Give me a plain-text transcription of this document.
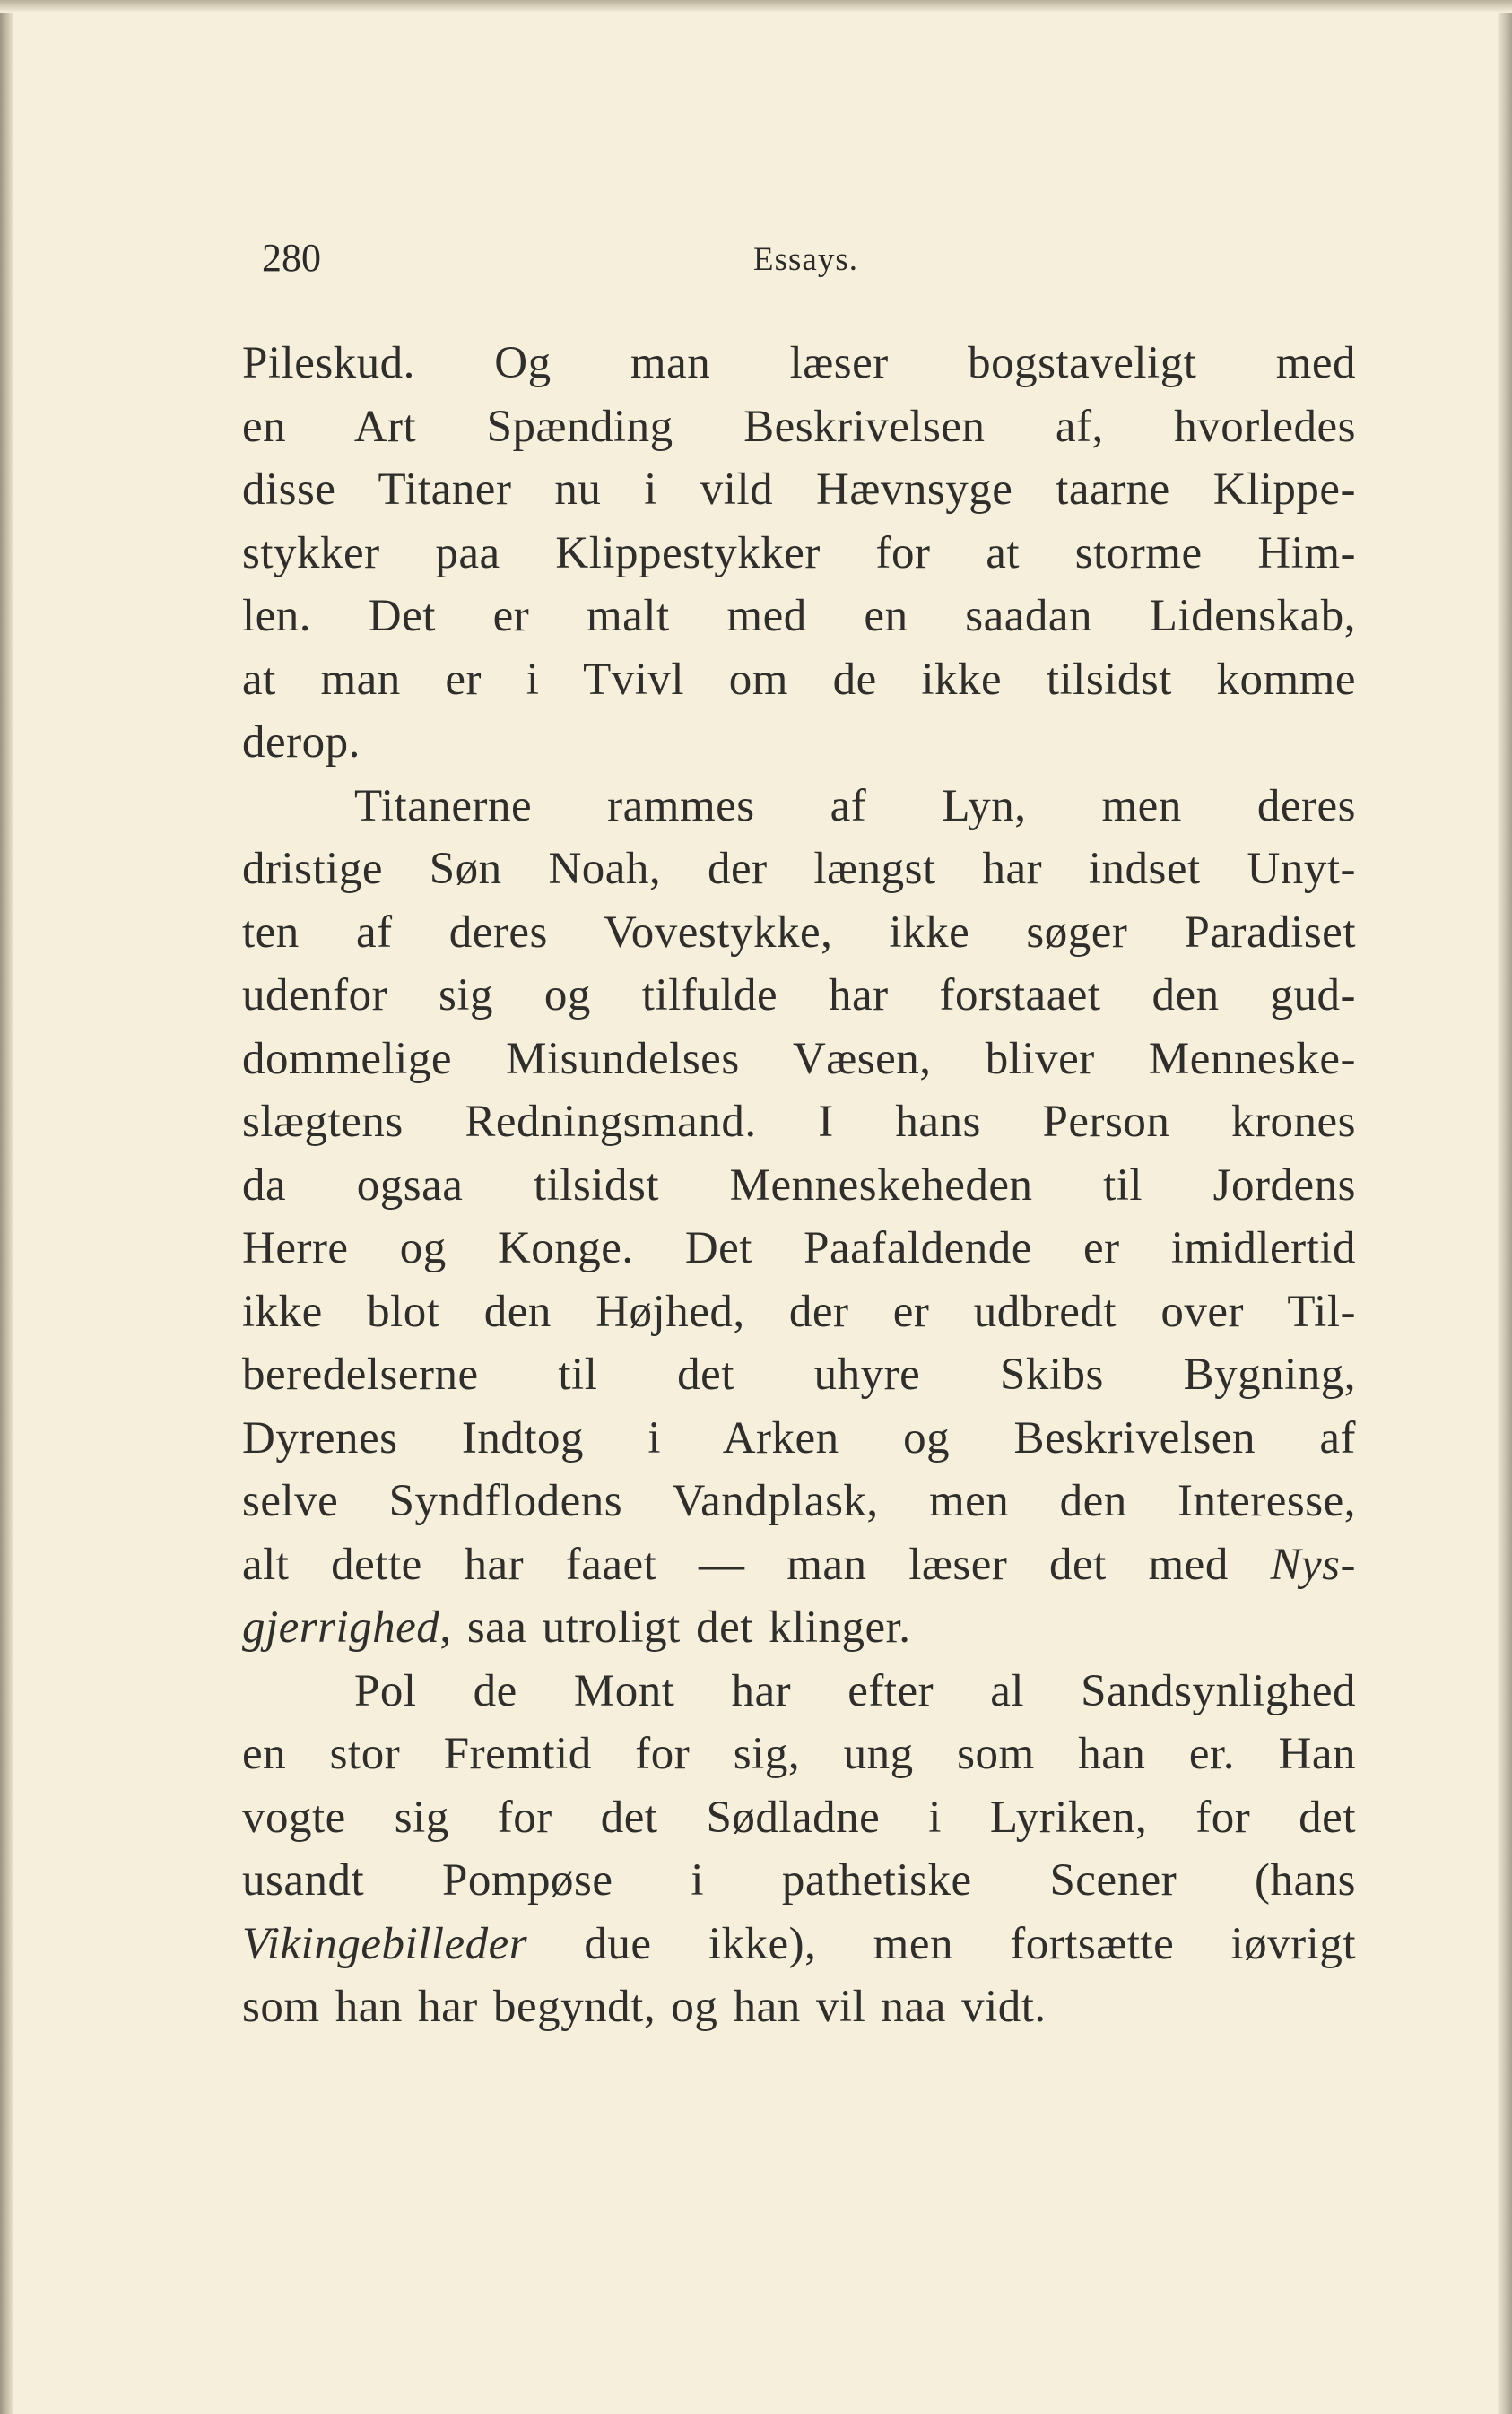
280	Essays.
Pileskud. Og man læser bogstaveligt med
en Art Spænding Beskrivelsen af, hvorledes
disse Titaner nu i vild Hævnsyge taarne Klippe-
stykker paa Klippestykker for at storme Him-
len. Det er malt med en saadan Lidenskab,
at man er i Tvivl om de ikke tilsidst komme
derop.
Titanerne rammes af Lyn, men deres
dristige Søn Noah, der længst har indset Unyt-
ten af deres Vovestykke, ikke søger Paradiset
udenfor sig og tilfulde har forstaaet den gud-
dommelige Misundelses Væsen, bliver Menneske-
slægtens Redningsmand. I hans Person krones
da ogsaa tilsidst Menneskeheden til Jordens
Herre og Konge. Det Paafaldende er imidlertid
ikke blot den Højhed, der er udbredt over Til-
beredelserne til det uhyre Skibs Bygning,
Dyrenes Indtog i Arken og Beskrivelsen af
selve Syndflodens Vandplask, men den Interesse,
alt dette har faaet — man læser det med Nys-
gjerrighed, saa utroligt det klinger.
Pol de Mont har efter al Sandsynlighed
en stor Fremtid for sig, ung som han er. Han
vogte sig for det Sødladne i Lyriken, for det
usandt Pompøse i pathetiske Scener (hans
Vikingebilleder due ikke), men fortsætte iøvrigt
som han har begyndt, og han vil naa vidt.
